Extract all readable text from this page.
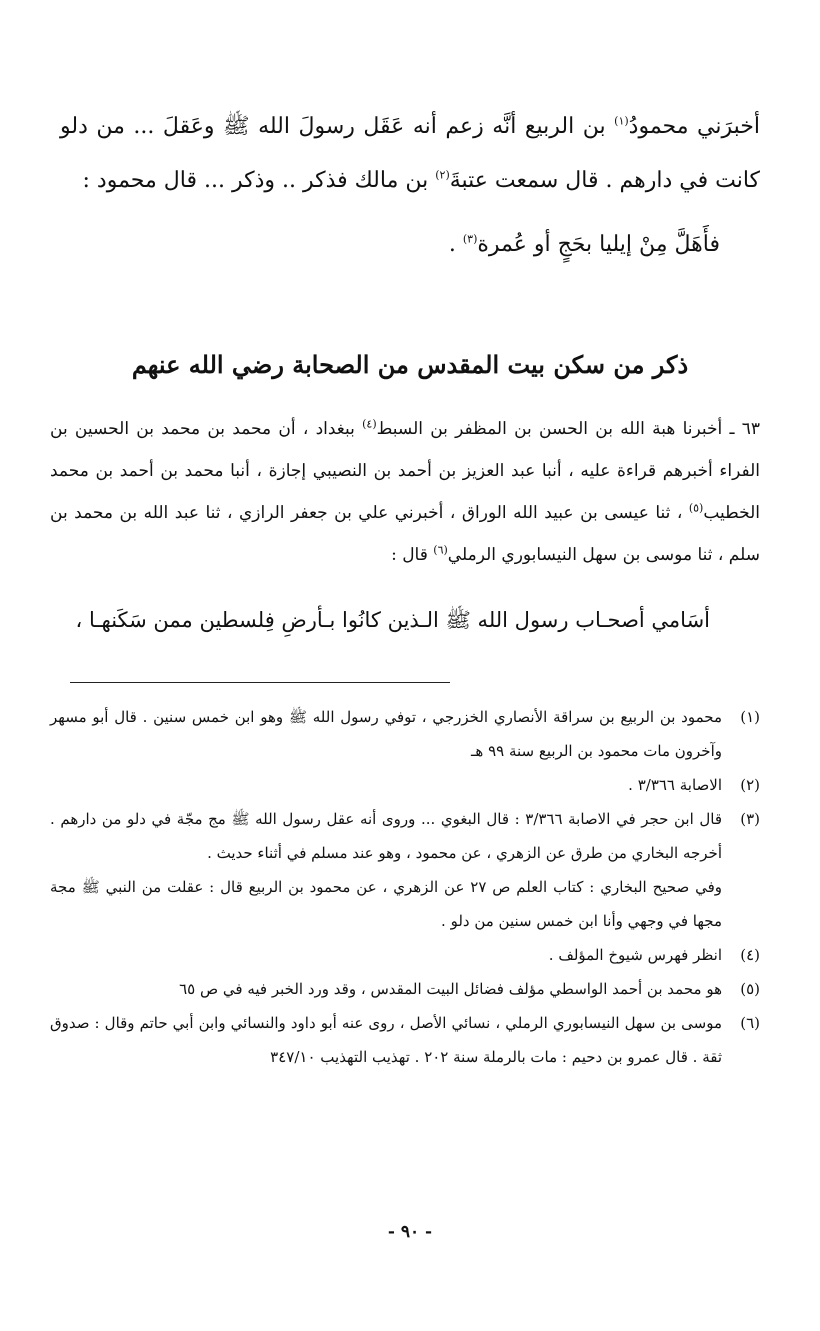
أخبرَني محمودُ$^{(١)}$ بن الربيع أنَّه زعم أنه عَقَل رسولَ الله ﷺ وعَقلَ ... من دلو كانت في دارهم . قال سمعت عتبةَ$^{(٢)}$ بن مالك فذكر .. وذكر ... قال محمود :

فأَهَلَّ مِنْ إيليا بحَجٍ أو عُمرة$^{(٣)}$ .

ذكر من سكن بيت المقدس من الصحابة رضي الله عنهم

٦٣ ـ أخبرنا هبة الله بن الحسن بن المظفر بن السبط$^{(٤)}$ ببغداد ، أن محمد بن محمد بن الحسين بن الفراء أخبرهم قراءة عليه ، أنبا عبد العزيز بن أحمد بن النصيبي إجازة ، أنبا محمد بن أحمد بن محمد الخطيب$^{(٥)}$ ، ثنا عيسى بن عبيد الله الوراق ، أخبرني علي بن جعفر الرازي ، ثنا عبد الله بن محمد بن سلم ، ثنا موسى بن سهل النيسابوري الرملي$^{(٦)}$ قال :

أسَامي أصحـاب رسول الله ﷺ الـذين كانُوا بـأرضِ فِلسطين ممن سَكَنهـا ،

(١)

محمود بن الربيع بن سراقة الأنصاري الخزرجي ، توفي رسول الله ﷺ وهو ابن خمس سنين . قال أبو مسهر وآخرون مات محمود بن الربيع سنة ٩٩ هـ

(٢)

الاصابة ٣/٣٦٦ .

(٣)

قال ابن حجر في الاصابة ٣/٣٦٦ : قال البغوي ... وروى أنه عقل رسول الله ﷺ مج مجّة في دلو من دارهم . أخرجه البخاري من طرق عن الزهري ، عن محمود ، وهو عند مسلم في أثناء حديث .

وفي صحيح البخاري : كتاب العلم ص ٢٧ عن الزهري ، عن محمود بن الربيع قال : عقلت من النبي ﷺ مجة مجها في وجهي وأنا ابن خمس سنين من دلو .

(٤)

انظر فهرس شيوخ المؤلف .

(٥)

هو محمد بن أحمد الواسطي مؤلف فضائل البيت المقدس ، وقد ورد الخبر فيه في ص ٦٥

(٦)

موسى بن سهل النيسابوري الرملي ، نسائي الأصل ، روى عنه أبو داود والنسائي وابن أبي حاتم وقال : صدوق ثقة . قال عمرو بن دحيم : مات بالرملة سنة ٢٠٢ . تهذيب التهذيب ٣٤٧/١٠

- ٩٠ -
